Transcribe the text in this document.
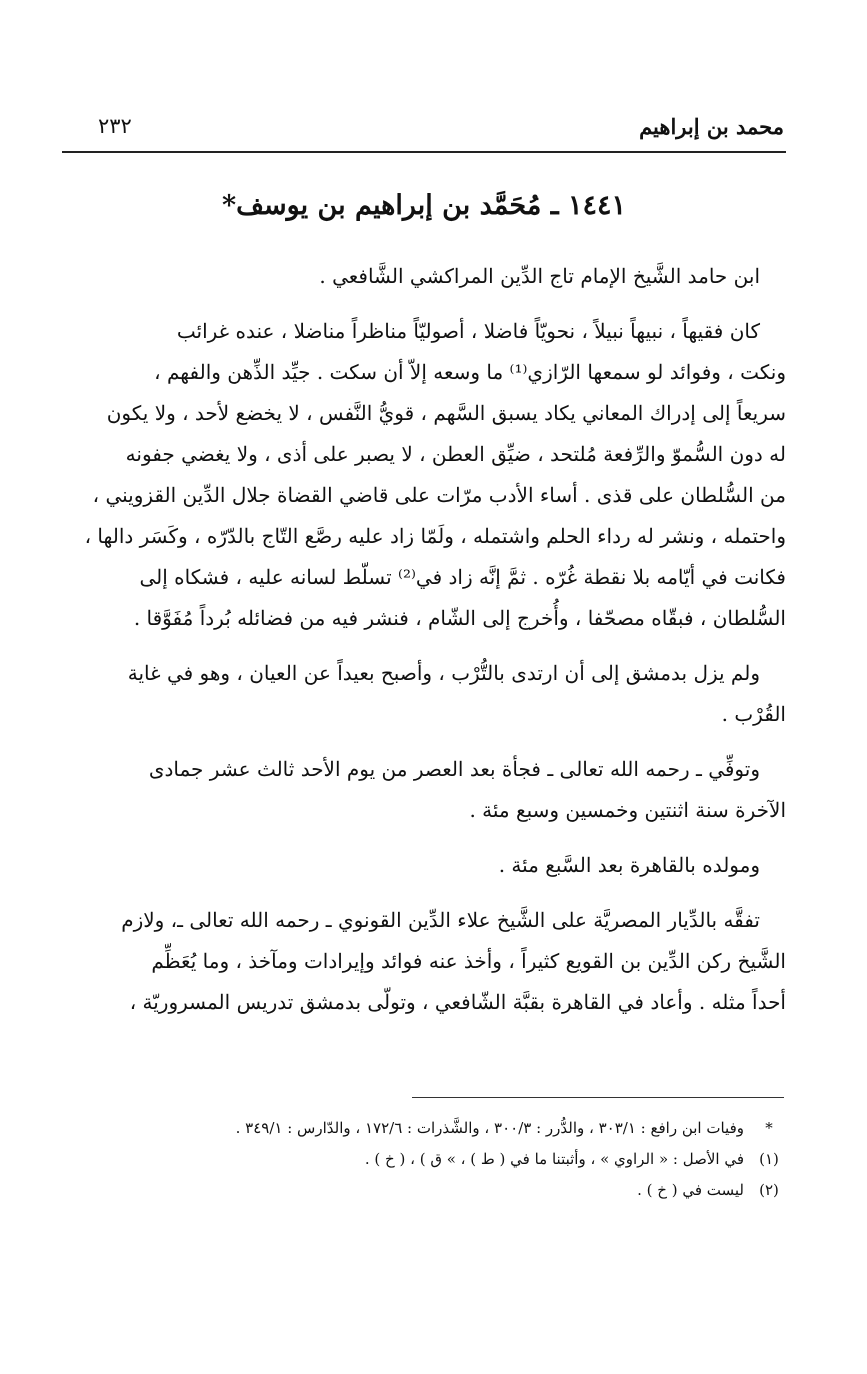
محمد بن إبراهيم
٢٣٢
١٤٤١ ـ مُحَمَّد بن إبراهيم بن يوسف*
ابن حامد الشَّيخ الإمام تاج الدِّين المراكشي الشَّافعي .
كان فقيهاً ، نبيهاً نبيلاً ، نحويّاً فاضلا ، أصوليّاً مناظراً مناضلا ، عنده غرائب
ونكت ، وفوائد لو سمعها الرّازي⁽¹⁾ ما وسعه إلاّ أن سكت . جيِّد الذِّهن والفهم ،
سريعاً إلى إدراك المعاني يكاد يسبق السَّهم ، قويُّ النَّفس ، لا يخضع لأحد ، ولا يكون
له دون السُّموّ والرِّفعة مُلتحد ، ضيِّق العطن ، لا يصبر على أذى ، ولا يغضي جفونه
من السُّلطان على قذى . أساء الأدب مرّات على قاضي القضاة جلال الدِّين القزويني ،
واحتمله ، ونشر له رداء الحلم واشتمله ، ولَمّا زاد عليه رصَّع التّاج بالدّرّه ، وكَسَر دالها ،
فكانت في أيّامه بلا نقطة غُرّه . ثمَّ إنَّه زاد في⁽²⁾ تسلّط لسانه عليه ، فشكاه إلى
السُّلطان ، فبقّاه مصحّفا ، وأُخرج إلى الشّام ، فنشر فيه من فضائله بُرداً مُفَوَّقا .
ولم يزل بدمشق إلى أن ارتدى بالتُّرْب ، وأصبح بعيداً عن العيان ، وهو في غاية
القُرْب .
وتوفِّي ـ رحمه الله تعالى ـ فجأة بعد العصر من يوم الأحد ثالث عشر جمادى
الآخرة سنة اثنتين وخمسين وسبع مئة .
ومولده بالقاهرة بعد السَّبع مئة .
تفقَّه بالدِّيار المصريَّة على الشَّيخ علاء الدِّين القونوي ـ رحمه الله تعالى ـ، ولازم
الشَّيخ ركن الدِّين بن القويع كثيراً ، وأخذ عنه فوائد وإيرادات ومآخذ ، وما يُعَظِّم
أحداً مثله . وأعاد في القاهرة بقبَّة الشّافعي ، وتولّى بدمشق تدريس المسروريّة ،
*
وفيات ابن رافع : ٣٠٣/١ ، والدُّرر : ٣٠٠/٣ ، والشَّذرات : ١٧٢/٦ ، والدّارس : ٣٤٩/١ .
(١)
في الأصل : « الراوي » ، وأثبتنا ما في ( ط ) ، » ق ) ، ( خ ) .
(٢)
ليست في ( خ ) .
